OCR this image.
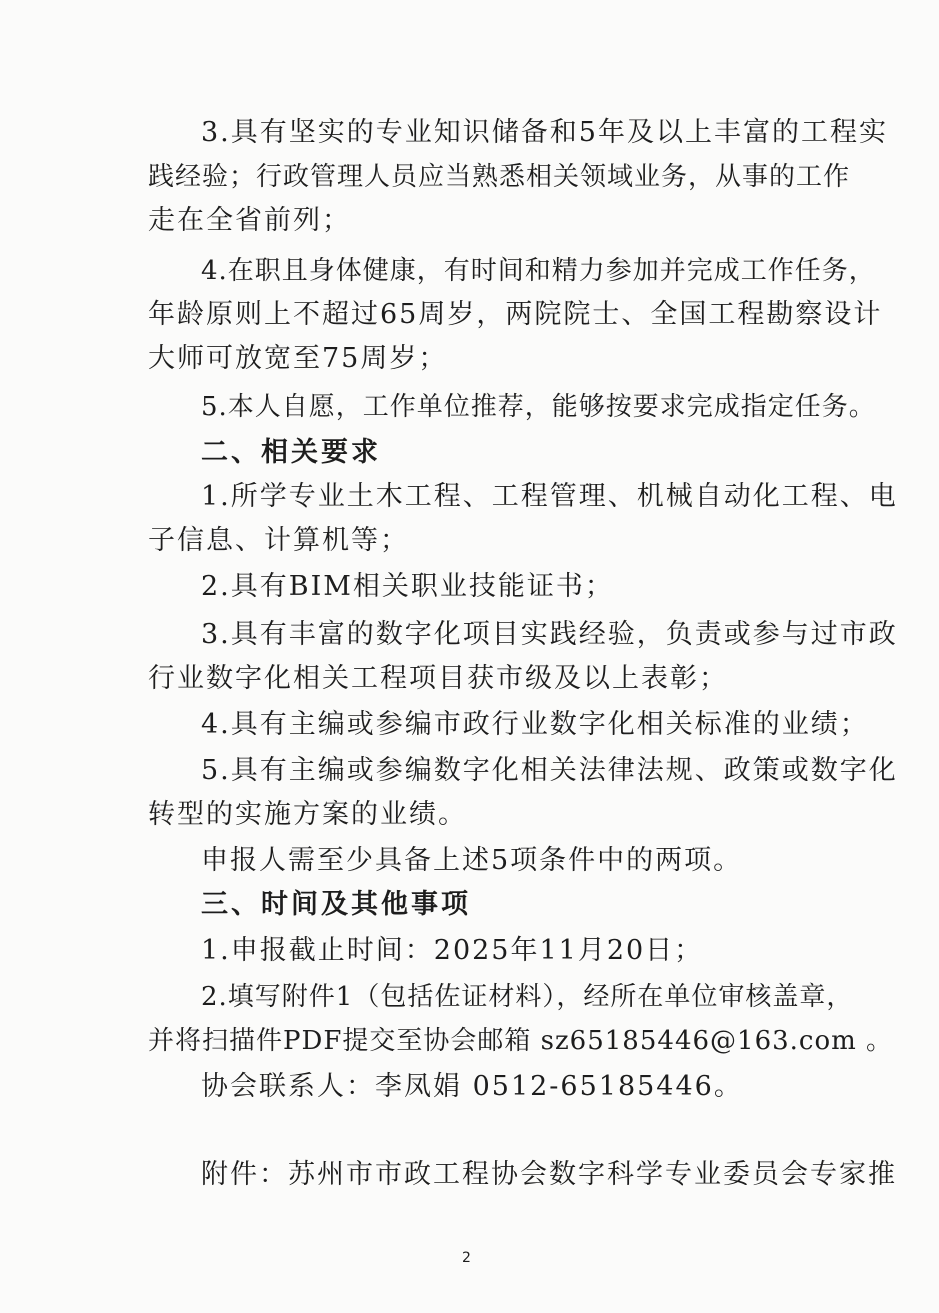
3.具有坚实的专业知识储备和5年及以上丰富的工程实
践经验；行政管理人员应当熟悉相关领域业务，从事的工作
走在全省前列；
4.在职且身体健康，有时间和精力参加并完成工作任务，
年龄原则上不超过65周岁，两院院士、全国工程勘察设计
大师可放宽至75周岁；
5.本人自愿，工作单位推荐，能够按要求完成指定任务。
二、相关要求
1.所学专业土木工程、工程管理、机械自动化工程、电
子信息、计算机等；
2.具有BIM相关职业技能证书；
3.具有丰富的数字化项目实践经验，负责或参与过市政
行业数字化相关工程项目获市级及以上表彰；
4.具有主编或参编市政行业数字化相关标准的业绩；
5.具有主编或参编数字化相关法律法规、政策或数字化
转型的实施方案的业绩。
申报人需至少具备上述5项条件中的两项。
三、时间及其他事项
1.申报截止时间：2025年11月20日；
2.填写附件1（包括佐证材料），经所在单位审核盖章，
并将扫描件PDF提交至协会邮箱 sz65185446@163.com 。
协会联系人：李凤娟 0512-65185446。
附件：苏州市市政工程协会数字科学专业委员会专家推
2
